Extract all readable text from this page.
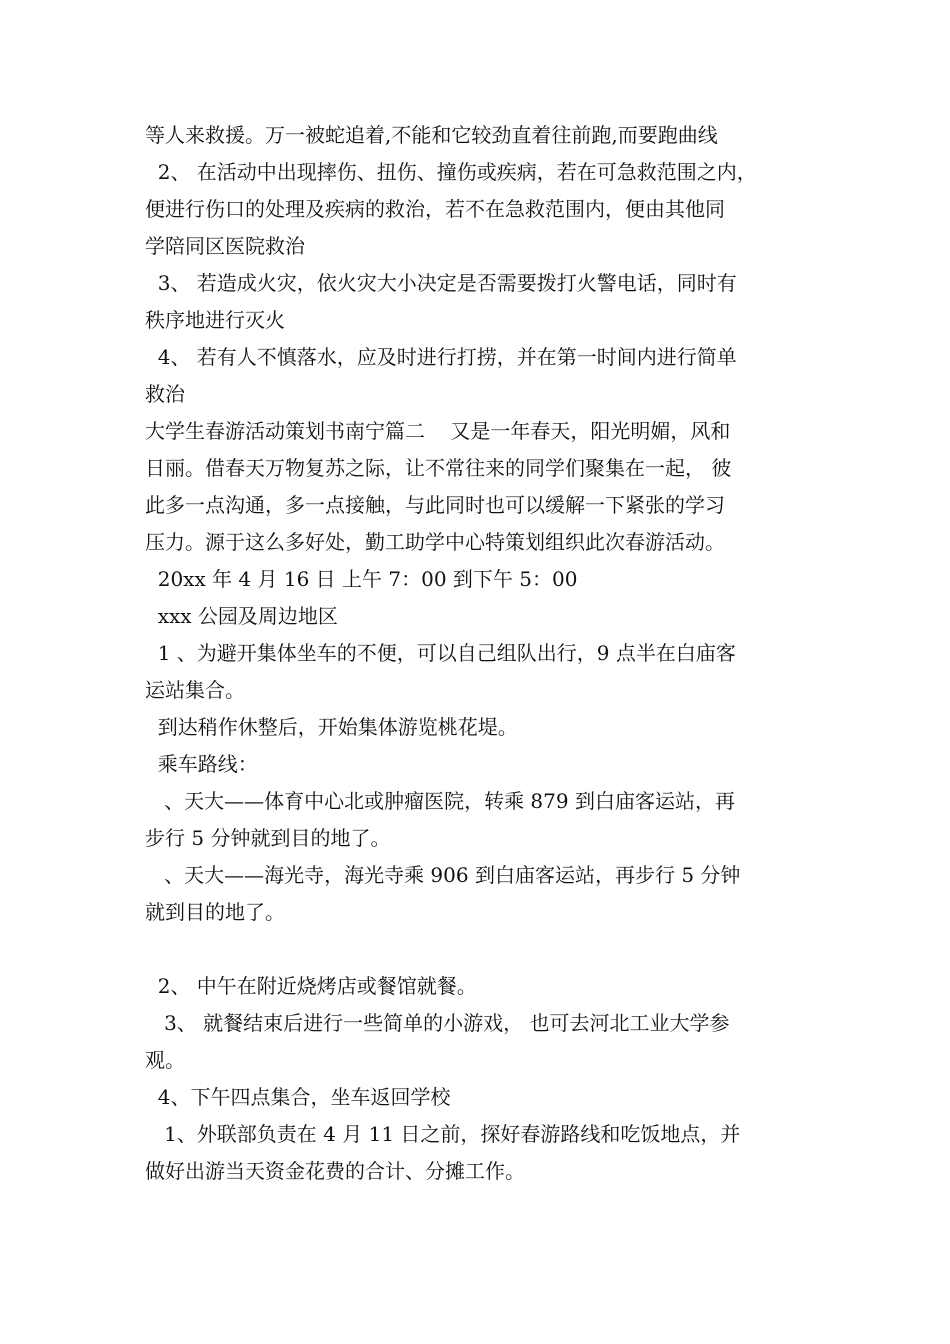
等人来救援。万一被蛇追着,不能和它较劲直着往前跑,而要跑曲线

2、 在活动中出现摔伤、扭伤、撞伤或疾病，若在可急救范围之内，

便进行伤口的处理及疾病的救治，若不在急救范围内，便由其他同

学陪同区医院救治

3、 若造成火灾，依火灾大小决定是否需要拨打火警电话，同时有

秩序地进行灭火

4、 若有人不慎落水，应及时进行打捞，并在第一时间内进行简单

救治

大学生春游活动策划书南宁篇二    又是一年春天，阳光明媚，风和

日丽。借春天万物复苏之际，让不常往来的同学们聚集在一起， 彼

此多一点沟通，多一点接触，与此同时也可以缓解一下紧张的学习

压力。源于这么多好处，勤工助学中心特策划组织此次春游活动。

20xx 年 4 月 16 日 上午 7：00 到下午 5：00

xxx 公园及周边地区

1 、为避开集体坐车的不便，可以自己组队出行，9 点半在白庙客

运站集合。

到达稍作休整后，开始集体游览桃花堤。

乘车路线：

、天大——体育中心北或肿瘤医院，转乘 879 到白庙客运站，再

步行 5 分钟就到目的地了。

、天大——海光寺，海光寺乘 906 到白庙客运站，再步行 5 分钟

就到目的地了。

2、 中午在附近烧烤店或餐馆就餐。

3、 就餐结束后进行一些简单的小游戏， 也可去河北工业大学参

观。

4、下午四点集合，坐车返回学校

1、外联部负责在 4 月 11 日之前，探好春游路线和吃饭地点，并

做好出游当天资金花费的合计、分摊工作。
